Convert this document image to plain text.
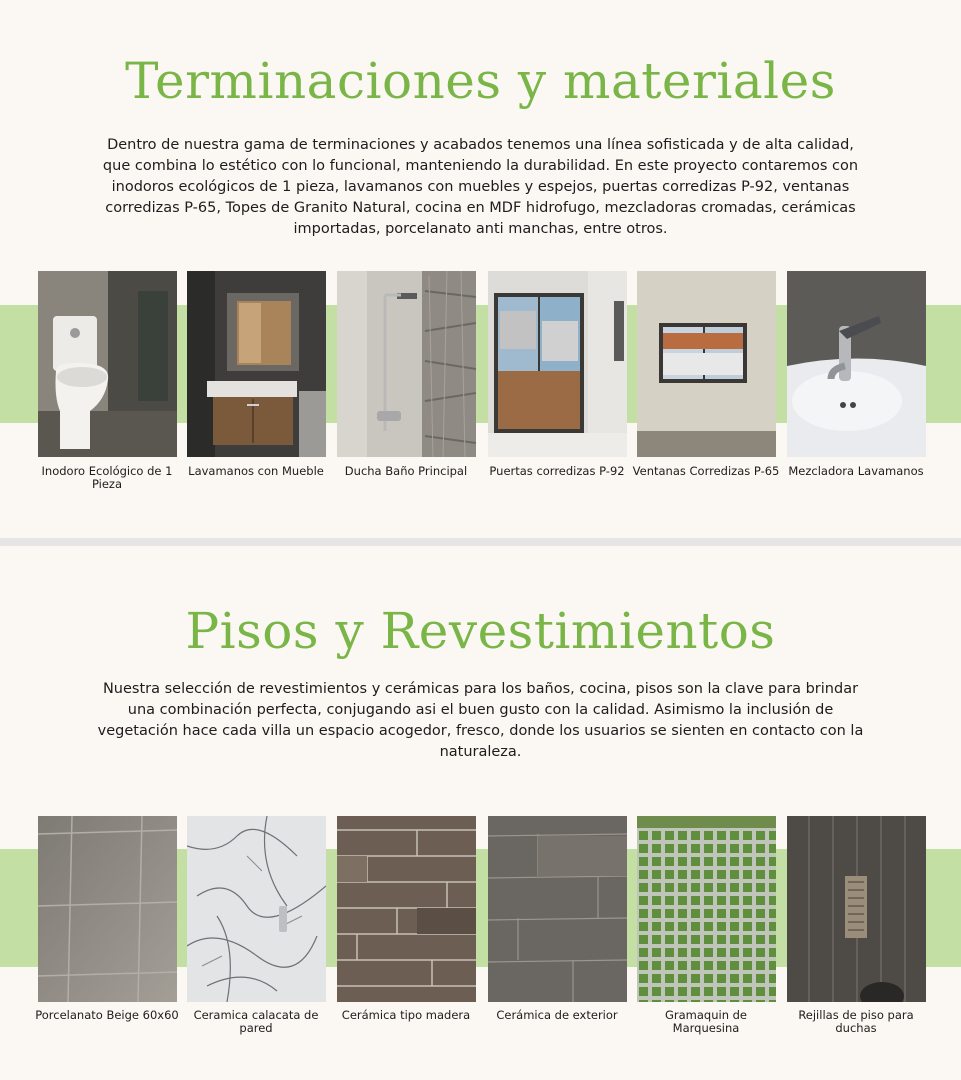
Terminaciones y materiales

Dentro de nuestra gama de terminaciones y acabados tenemos una línea sofisticada y de alta calidad, que combina lo estético con lo funcional, manteniendo la durabilidad. En este proyecto contaremos con inodoros ecológicos de 1 pieza, lavamanos con muebles y espejos, puertas corredizas P-92, ventanas corredizas P-65, Topes de Granito Natural, cocina en MDF hidrofugo, mezcladoras cromadas, cerámicas importadas, porcelanato anti manchas, entre otros.

Inodoro Ecológico de 1 Pieza

Lavamanos con Mueble	Ducha Baño Principal	Puertas corredizas P-92 Ventanas Corredizas P-65 Mezcladora Lavamanos

Pisos y Revestimientos

Nuestra selección de revestimientos y cerámicas para los baños, cocina, pisos son la clave para brindar una combinación perfecta, conjugando asi el buen gusto con la calidad. Asimismo la inclusión de vegetación hace cada villa un espacio acogedor, fresco, donde los usuarios se sienten en contacto con la naturaleza.

Porcelanato Beige 60x60	Ceramica calacata de pared

Cerámica tipo madera	Cerámica de exterior	Gramaquin de Marquesina

Rejillas de piso para duchas
